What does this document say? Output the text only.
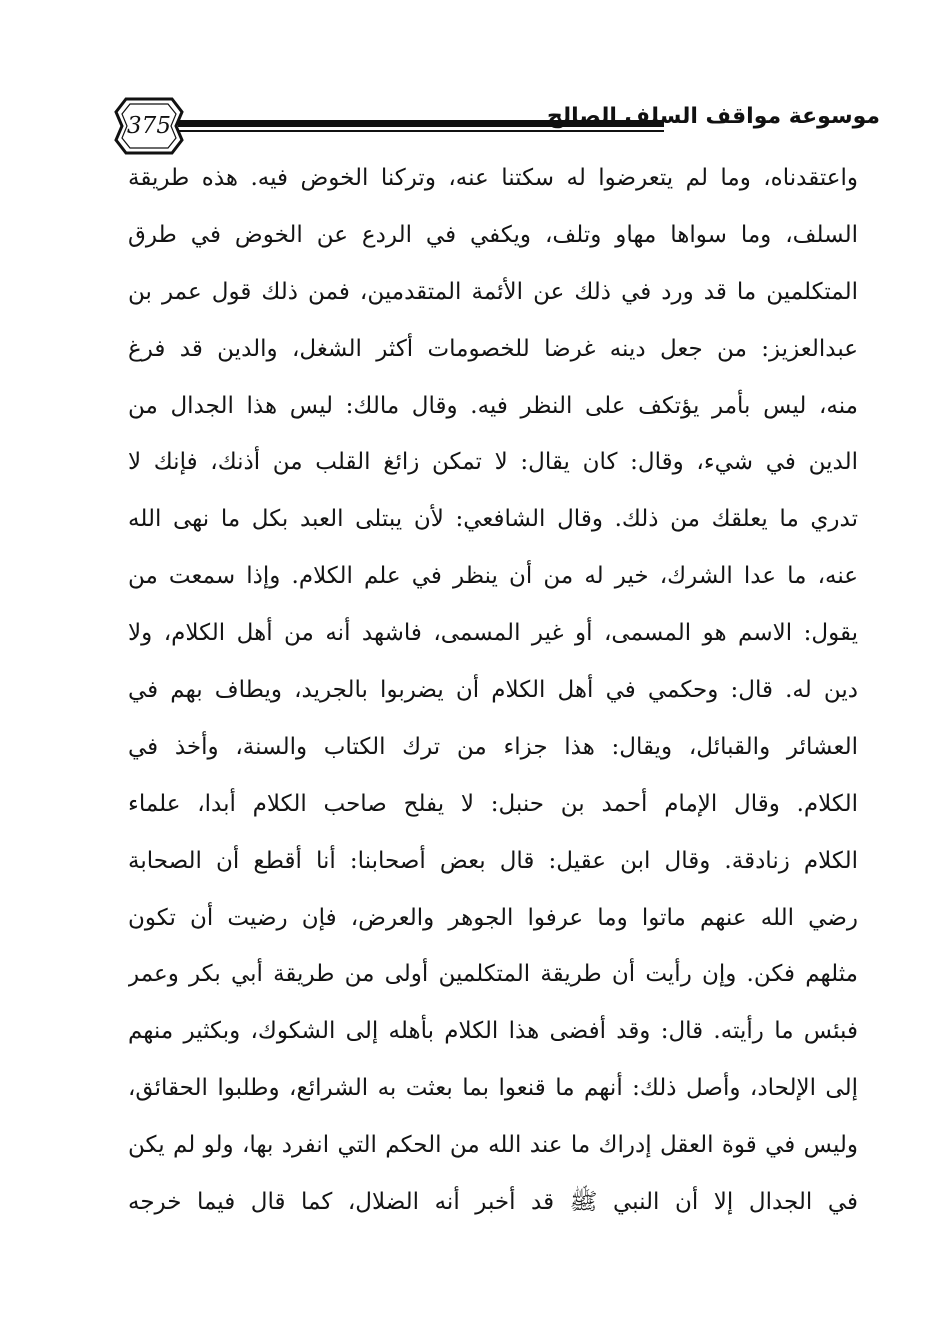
375	موسوعة مواقف السلف الصالح
واعتقدناه، وما لم يتعرضوا له سكتنا عنه، وتركنا الخوض فيه. هذه طريقة
السلف، وما سواها مهاو وتلف، ويكفي في الردع عن الخوض في طرق
المتكلمين ما قد ورد في ذلك عن الأئمة المتقدمين، فمن ذلك قول عمر بن
عبدالعزيز: من جعل دينه غرضا للخصومات أكثر الشغل، والدين قد فرغ
منه، ليس بأمر يؤتكف على النظر فيه. وقال مالك: ليس هذا الجدال من
الدين في شيء، وقال: كان يقال: لا تمكن زائغ القلب من أذنك، فإنك لا
تدري ما يعلقك من ذلك. وقال الشافعي: لأن يبتلى العبد بكل ما نهى الله
عنه، ما عدا الشرك، خير له من أن ينظر في علم الكلام. وإذا سمعت من
يقول: الاسم هو المسمى، أو غير المسمى، فاشهد أنه من أهل الكلام، ولا
دين له. قال: وحكمي في أهل الكلام أن يضربوا بالجريد، ويطاف بهم في
العشائر والقبائل، ويقال: هذا جزاء من ترك الكتاب والسنة، وأخذ في
الكلام. وقال الإمام أحمد بن حنبل: لا يفلح صاحب الكلام أبدا، علماء
الكلام زنادقة. وقال ابن عقيل: قال بعض أصحابنا: أنا أقطع أن الصحابة
رضي الله عنهم ماتوا وما عرفوا الجوهر والعرض، فإن رضيت أن تكون
مثلهم فكن. وإن رأيت أن طريقة المتكلمين أولى من طريقة أبي بكر وعمر
فبئس ما رأيته. قال: وقد أفضى هذا الكلام بأهله إلى الشكوك، وبكثير منهم
إلى الإلحاد، وأصل ذلك: أنهم ما قنعوا بما بعثت به الشرائع، وطلبوا الحقائق،
وليس في قوة العقل إدراك ما عند الله من الحكم التي انفرد بها، ولو لم يكن
في الجدال إلا أن النبي ﷺ قد أخبر أنه الضلال، كما قال فيما خرجه
